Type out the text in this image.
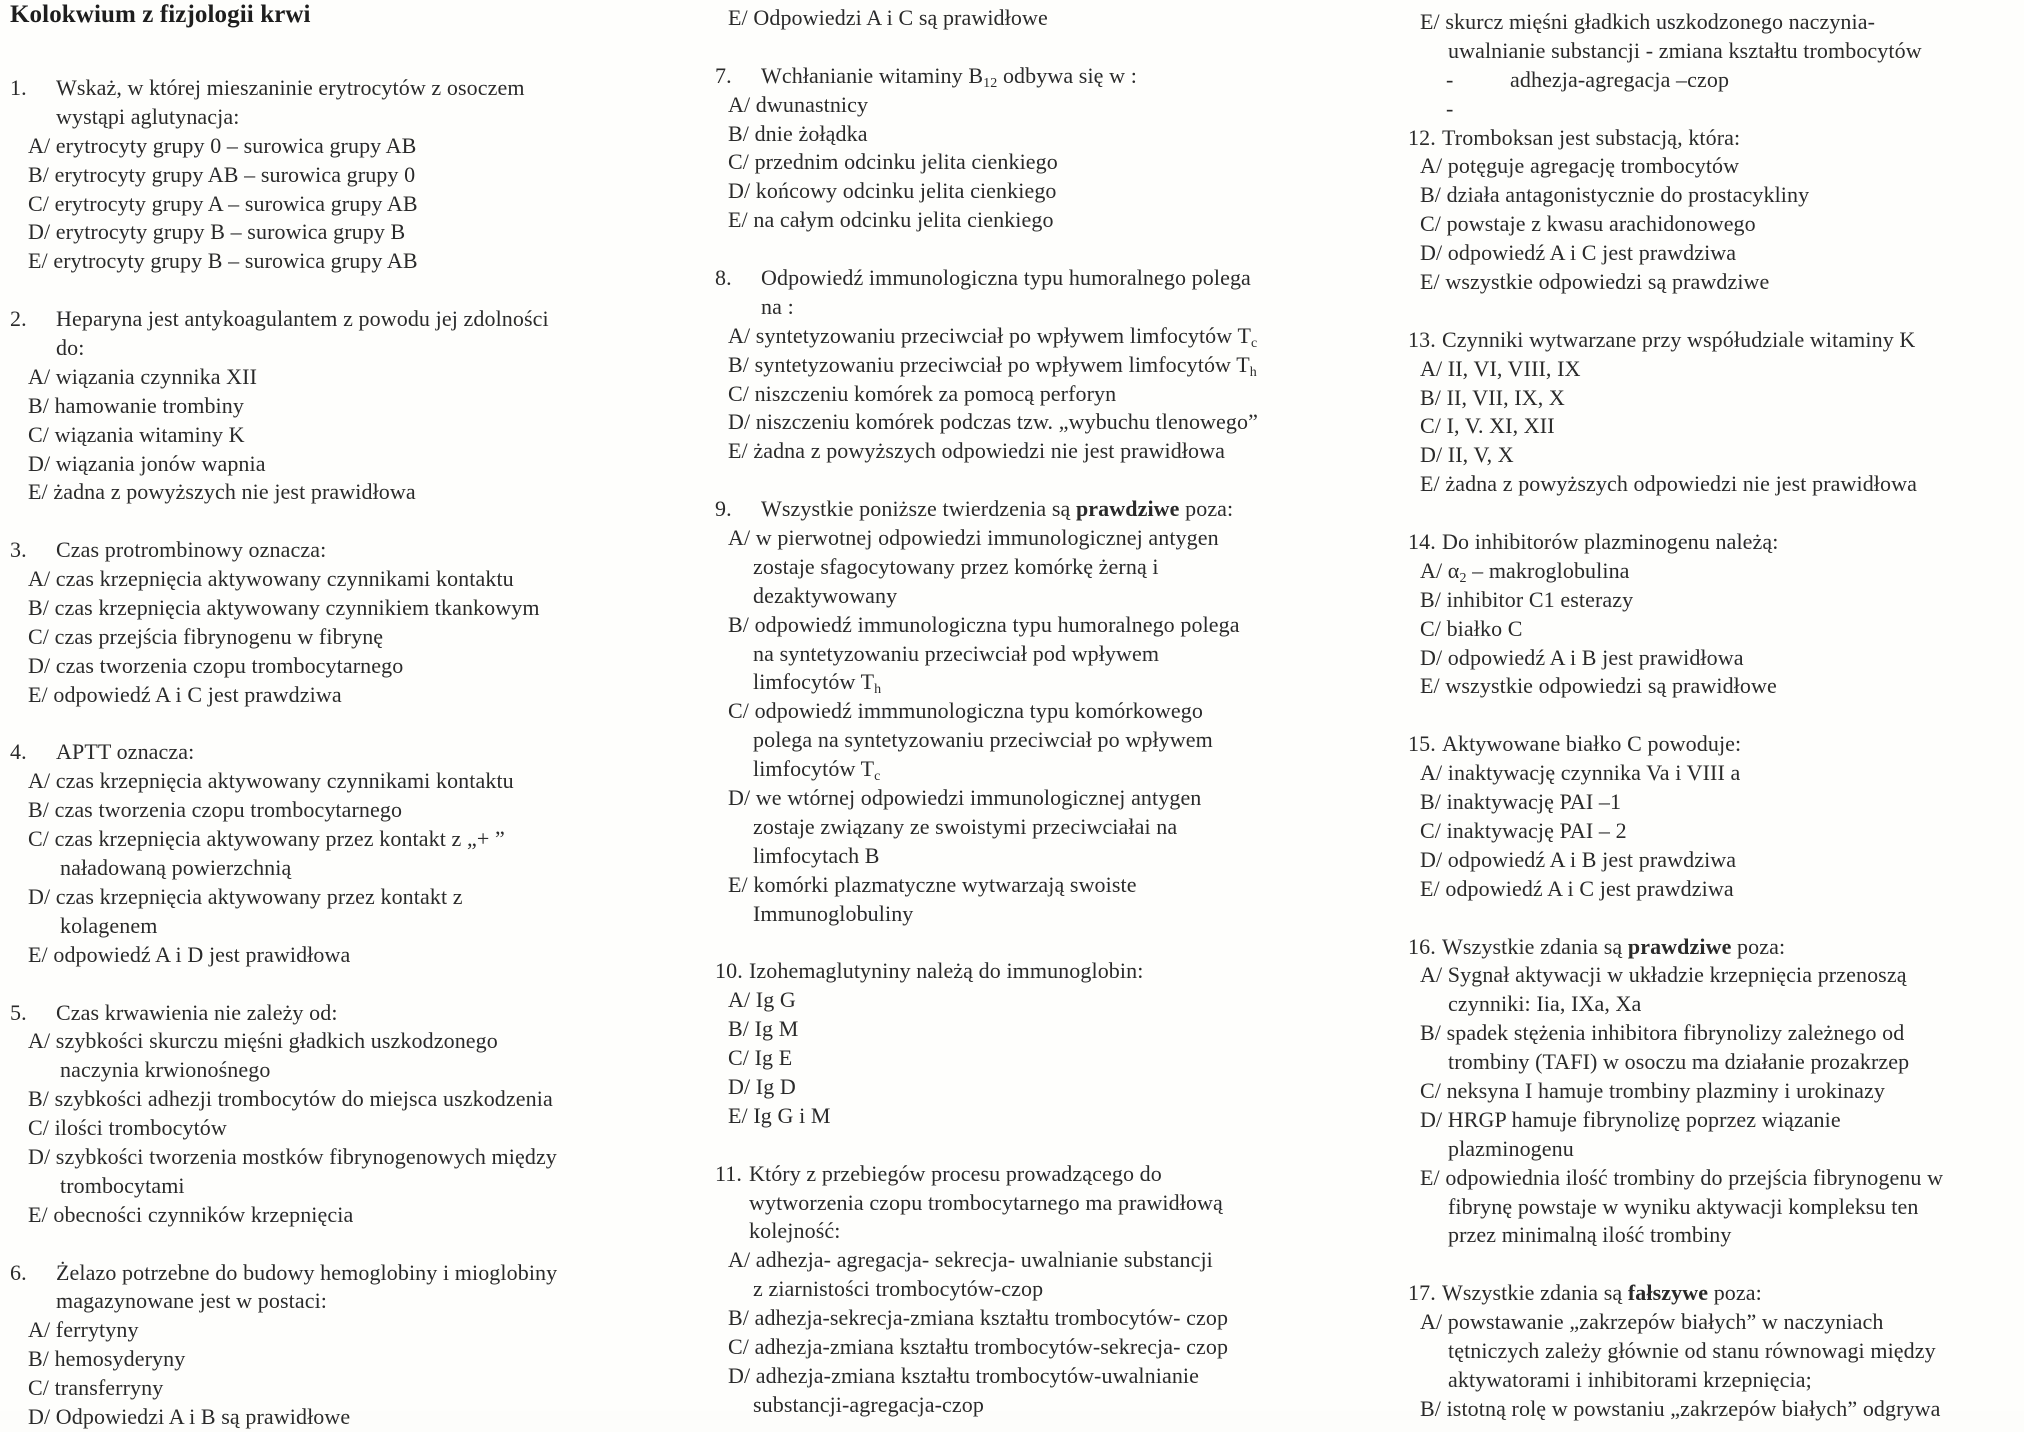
Kolokwium z fizjologii krwi
1. Wskaż, w której mieszaninie erytrocytów z osoczem
wystąpi aglutynacja:
A/ erytrocyty grupy 0 – surowica grupy AB
B/ erytrocyty grupy AB – surowica grupy 0
C/ erytrocyty grupy A – surowica grupy AB
D/ erytrocyty grupy B – surowica grupy B
E/ erytrocyty grupy B – surowica grupy AB
2. Heparyna jest antykoagulantem z powodu jej zdolności
do:
A/ wiązania czynnika XII
B/ hamowanie trombiny
C/ wiązania witaminy K
D/ wiązania jonów wapnia
E/ żadna z powyższych nie jest prawidłowa
3. Czas protrombinowy oznacza:
A/ czas krzepnięcia aktywowany czynnikami kontaktu
B/ czas krzepnięcia aktywowany czynnikiem tkankowym
C/ czas przejścia fibrynogenu w fibrynę
D/ czas tworzenia czopu trombocytarnego
E/ odpowiedź A i C jest prawdziwa
4. APTT oznacza:
A/ czas krzepnięcia aktywowany czynnikami kontaktu
B/ czas tworzenia czopu trombocytarnego
C/ czas krzepnięcia aktywowany przez kontakt z „+ ”
naładowaną powierzchnią
D/ czas krzepnięcia aktywowany przez kontakt z
kolagenem
E/ odpowiedź A i D jest prawidłowa
5. Czas krwawienia nie zależy od:
A/ szybkości skurczu mięśni gładkich uszkodzonego
naczynia krwionośnego
B/ szybkości adhezji trombocytów do miejsca uszkodzenia
C/ ilości trombocytów
D/ szybkości tworzenia mostków fibrynogenowych między
trombocytami
E/ obecności czynników krzepnięcia
6. Żelazo potrzebne do budowy hemoglobiny i mioglobiny
magazynowane jest w postaci:
A/ ferrytyny
B/ hemosyderyny
C/ transferryny
D/ Odpowiedzi A i B są prawidłowe
E/ Odpowiedzi A i C są prawidłowe
7. Wchłanianie witaminy $B_{12}$ odbywa się w :
A/ dwunastnicy
B/ dnie żołądka
C/ przednim odcinku jelita cienkiego
D/ końcowy odcinku jelita cienkiego
E/ na całym odcinku jelita cienkiego
8. Odpowiedź immunologiczna typu humoralnego polega
na :
A/ syntetyzowaniu przeciwciał po wpływem limfocytów $T_c$
B/ syntetyzowaniu przeciwciał po wpływem limfocytów $T_h$
C/ niszczeniu komórek za pomocą perforyn
D/ niszczeniu komórek podczas tzw. „wybuchu tlenowego”
E/ żadna z powyższych odpowiedzi nie jest prawidłowa
9. Wszystkie poniższe twierdzenia są prawdziwe poza:
A/ w pierwotnej odpowiedzi immunologicznej antygen
zostaje sfagocytowany przez komórkę żerną i
dezaktywowany
B/ odpowiedź immunologiczna typu humoralnego polega
na syntetyzowaniu przeciwciał pod wpływem
limfocytów $T_h$
C/ odpowiedź immmunologiczna typu komórkowego
polega na syntetyzowaniu przeciwciał po wpływem
limfocytów $T_c$
D/ we wtórnej odpowiedzi immunologicznej antygen
zostaje związany ze swoistymi przeciwciałai na
limfocytach B
E/ komórki plazmatyczne wytwarzają swoiste
Immunoglobuliny
10. Izohemaglutyniny należą do immunoglobin:
A/ Ig G
B/ Ig M
C/ Ig E
D/ Ig D
E/ Ig G i M
11. Który z przebiegów procesu prowadzącego do
wytworzenia czopu trombocytarnego ma prawidłową
kolejność:
A/ adhezja- agregacja- sekrecja- uwalnianie substancji
z ziarnistości trombocytów-czop
B/ adhezja-sekrecja-zmiana kształtu trombocytów- czop
C/ adhezja-zmiana kształtu trombocytów-sekrecja- czop
D/ adhezja-zmiana kształtu trombocytów-uwalnianie
substancji-agregacja-czop
E/ skurcz mięśni gładkich uszkodzonego naczynia-
uwalnianie substancji - zmiana kształtu trombocytów
-	adhezja-agregacja –czop
-
12. Tromboksan jest substacją, która:
A/ potęguje agregację trombocytów
B/ działa antagonistycznie do prostacykliny
C/ powstaje z kwasu arachidonowego
D/ odpowiedź A i C jest prawdziwa
E/ wszystkie odpowiedzi są prawdziwe
13. Czynniki wytwarzane przy współudziale witaminy K
A/ II, VI, VIII, IX
B/ II, VII, IX, X
C/ I, V. XI, XII
D/ II, V, X
E/ żadna z powyższych odpowiedzi nie jest prawidłowa
14. Do inhibitorów plazminogenu należą:
A/ $\alpha_2$ – makroglobulina
B/ inhibitor C1 esterazy
C/ białko C
D/ odpowiedź A i B jest prawidłowa
E/ wszystkie odpowiedzi są prawidłowe
15. Aktywowane białko C powoduje:
A/ inaktywację czynnika Va i VIII a
B/ inaktywację PAI –1
C/ inaktywację PAI – 2
D/ odpowiedź A i B jest prawdziwa
E/ odpowiedź A i C jest prawdziwa
16. Wszystkie zdania są prawdziwe poza:
A/ Sygnał aktywacji w układzie krzepnięcia przenoszą
czynniki: Iia, IXa, Xa
B/ spadek stężenia inhibitora fibrynolizy zależnego od
trombiny (TAFI) w osoczu ma działanie prozakrzep
C/ neksyna I hamuje trombiny plazminy i urokinazy
D/ HRGP hamuje fibrynolizę poprzez wiązanie
plazminogenu
E/ odpowiednia ilość trombiny do przejścia fibrynogenu w
fibrynę powstaje w wyniku aktywacji kompleksu ten
przez minimalną ilość trombiny
17. Wszystkie zdania są fałszywe poza:
A/ powstawanie „zakrzepów białych” w naczyniach
tętniczych zależy głównie od stanu równowagi między
aktywatorami i inhibitorami krzepnięcia;
B/ istotną rolę w powstaniu „zakrzepów białych” odgrywa
